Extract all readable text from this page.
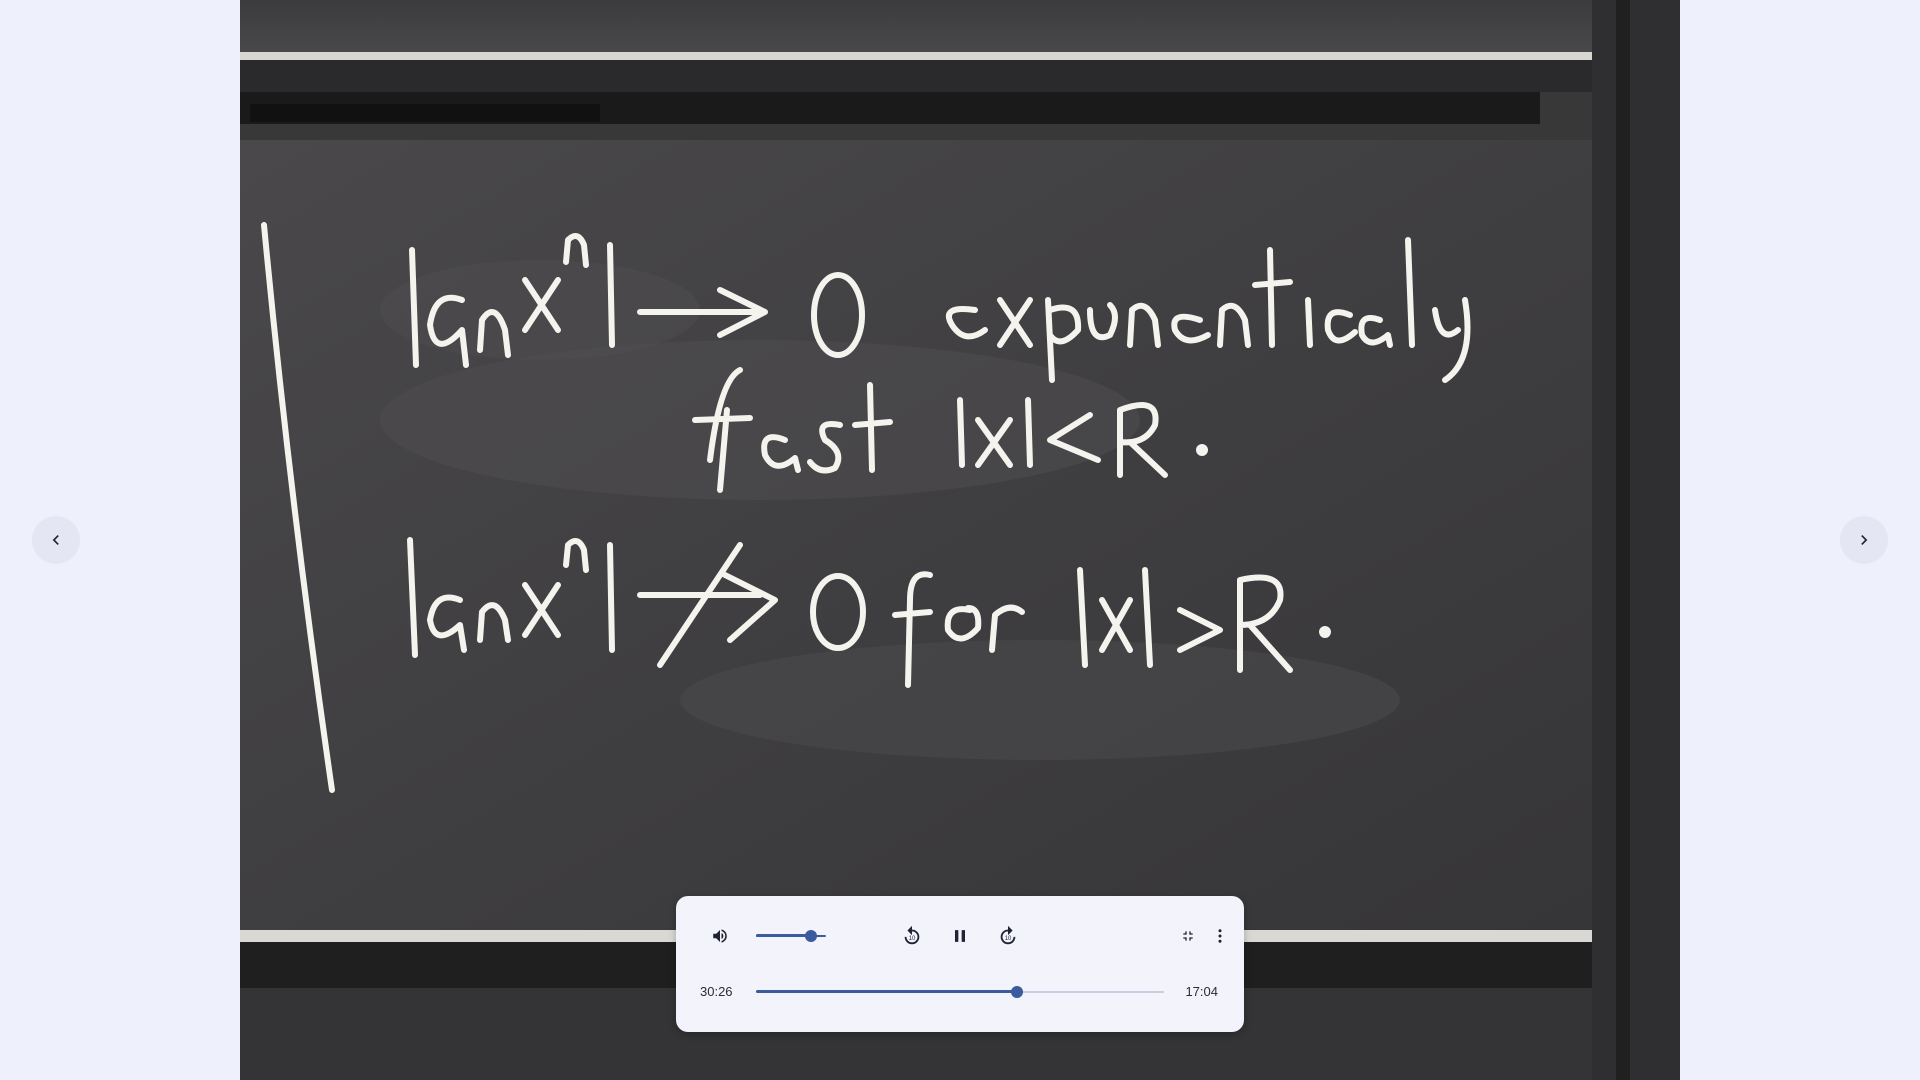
10	10
30:26	17:04
